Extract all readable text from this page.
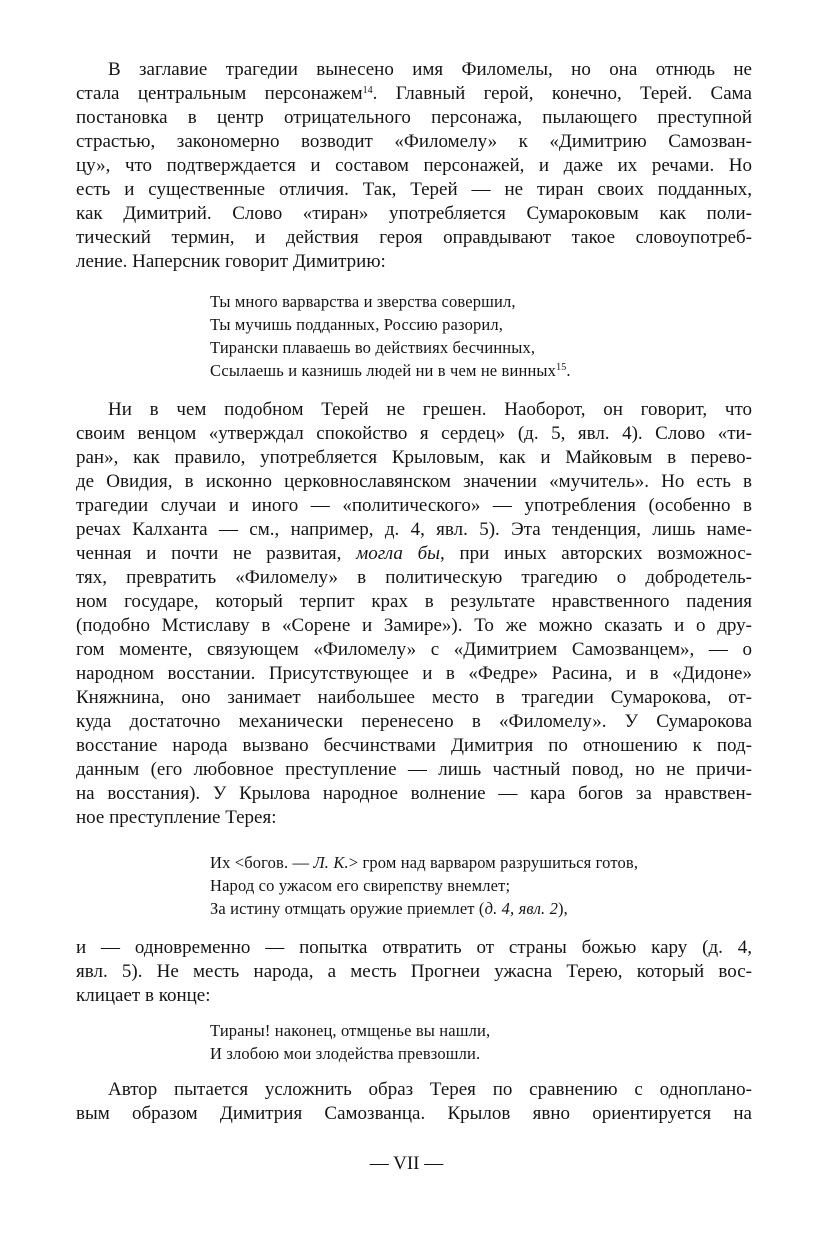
В заглавие трагедии вынесено имя Филомелы, но она отнюдь не
стала центральным персонажем$^{14}$. Главный герой, конечно, Терей. Сама
постановка в центр отрицательного персонажа, пылающего преступной
страстью, закономерно возводит «Филомелу» к «Димитрию Самозван-
цу», что подтверждается и составом персонажей, и даже их речами. Но
есть и существенные отличия. Так, Терей — не тиран своих подданных,
как Димитрий. Слово «тиран» употребляется Сумароковым как поли-
тический термин, и действия героя оправдывают такое словоупотреб-
ление. Наперсник говорит Димитрию:
Ты много варварства и зверства совершил,
Ты мучишь подданных, Россию разорил,
Тирански плаваешь во действиях бесчинных,
Ссылаешь и казнишь людей ни в чем не винных$^{15}$.
Ни в чем подобном Терей не грешен. Наоборот, он говорит, что
своим венцом «утверждал спокойство я сердец» (д. 5, явл. 4). Слово «ти-
ран», как правило, употребляется Крыловым, как и Майковым в перево-
де Овидия, в исконно церковнославянском значении «мучитель». Но есть в
трагедии случаи и иного — «политического» — употребления (особенно в
речах Калханта — см., например, д. 4, явл. 5). Эта тенденция, лишь наме-
ченная и почти не развитая, могла бы, при иных авторских возможнос-
тях, превратить «Филомелу» в политическую трагедию о добродетель-
ном государе, который терпит крах в результате нравственного падения
(подобно Мстиславу в «Сорене и Замире»). То же можно сказать и о дру-
гом моменте, связующем «Филомелу» с «Димитрием Самозванцем», — о
народном восстании. Присутствующее и в «Федре» Расина, и в «Дидоне»
Княжнина, оно занимает наибольшее место в трагедии Сумарокова, от-
куда достаточно механически перенесено в «Филомелу». У Сумарокова
восстание народа вызвано бесчинствами Димитрия по отношению к под-
данным (его любовное преступление — лишь частный повод, но не причи-
на восстания). У Крылова народное волнение — кара богов за нравствен-
ное преступление Терея:
Их <богов. — Л. К.> гром над варваром разрушиться готов,
Народ со ужасом его свирепству внемлет;
За истину отмщать оружие приемлет (д. 4, явл. 2),
и — одновременно — попытка отвратить от страны божью кару (д. 4,
явл. 5). Не месть народа, а месть Прогнеи ужасна Терею, который вос-
клицает в конце:
Тираны! наконец, отмщенье вы нашли,
И злобою мои злодейства превзошли.
Автор пытается усложнить образ Терея по сравнению с одноплано-
вым образом Димитрия Самозванца. Крылов явно ориентируется на
— VII —
